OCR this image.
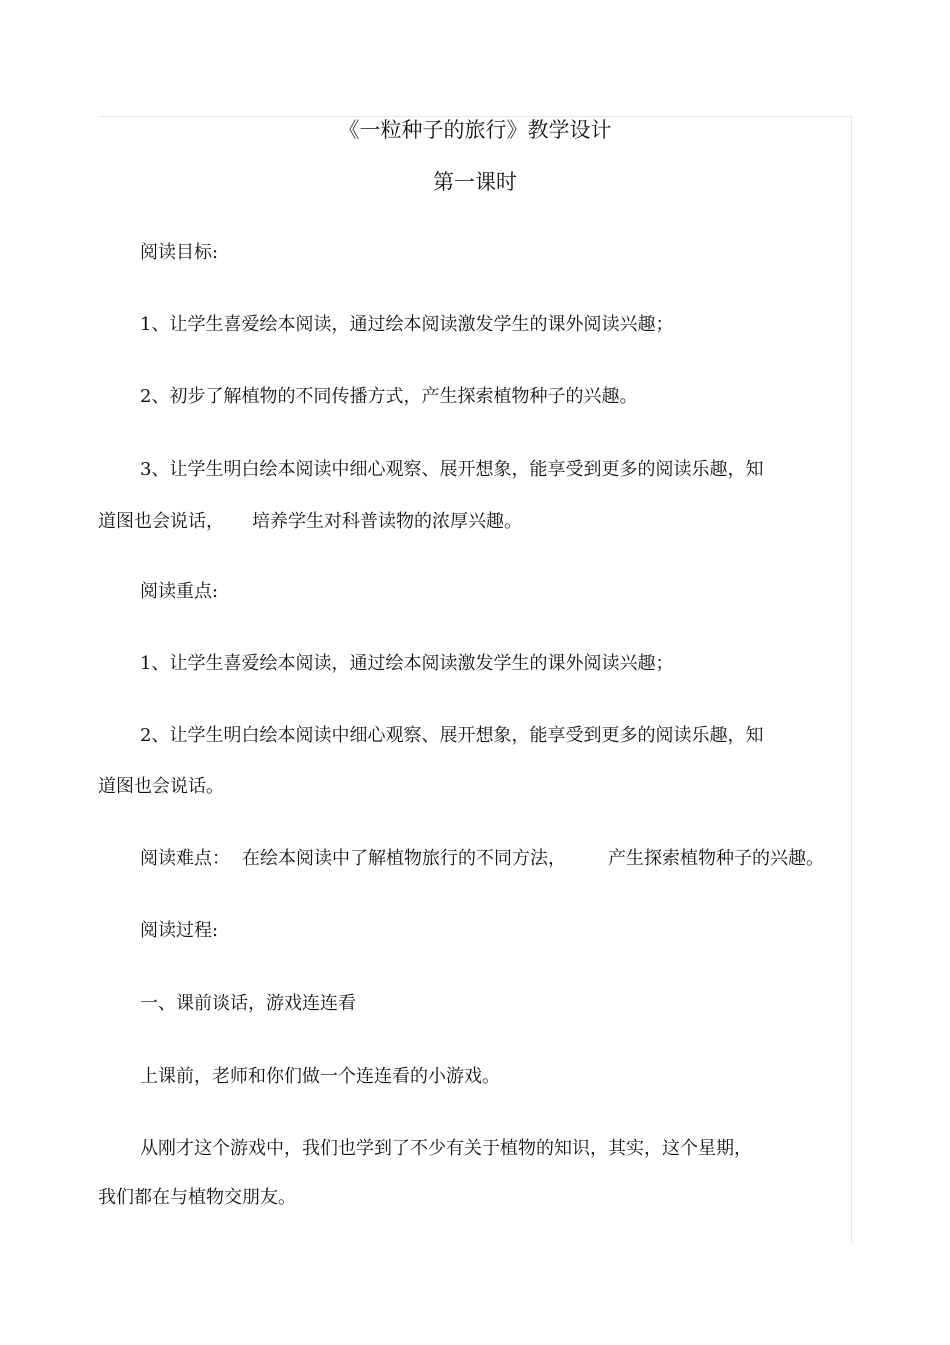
《一粒种子的旅行》教学设计
第一课时
阅读目标:
1、让学生喜爱绘本阅读，通过绘本阅读激发学生的课外阅读兴趣；
2、初步了解植物的不同传播方式，产生探索植物种子的兴趣。
3、让学生明白绘本阅读中细心观察、展开想象，能享受到更多的阅读乐趣，知
道图也会说话， 培养学生对科普读物的浓厚兴趣。
阅读重点:
1、让学生喜爱绘本阅读，通过绘本阅读激发学生的课外阅读兴趣；
2、让学生明白绘本阅读中细心观察、展开想象，能享受到更多的阅读乐趣，知
道图也会说话。
阅读难点： 在绘本阅读中了解植物旅行的不同方法， 产生探索植物种子的兴趣。
阅读过程:
一、课前谈话，游戏连连看
上课前，老师和你们做一个连连看的小游戏。
从刚才这个游戏中，我们也学到了不少有关于植物的知识，其实，这个星期，
我们都在与植物交朋友。
